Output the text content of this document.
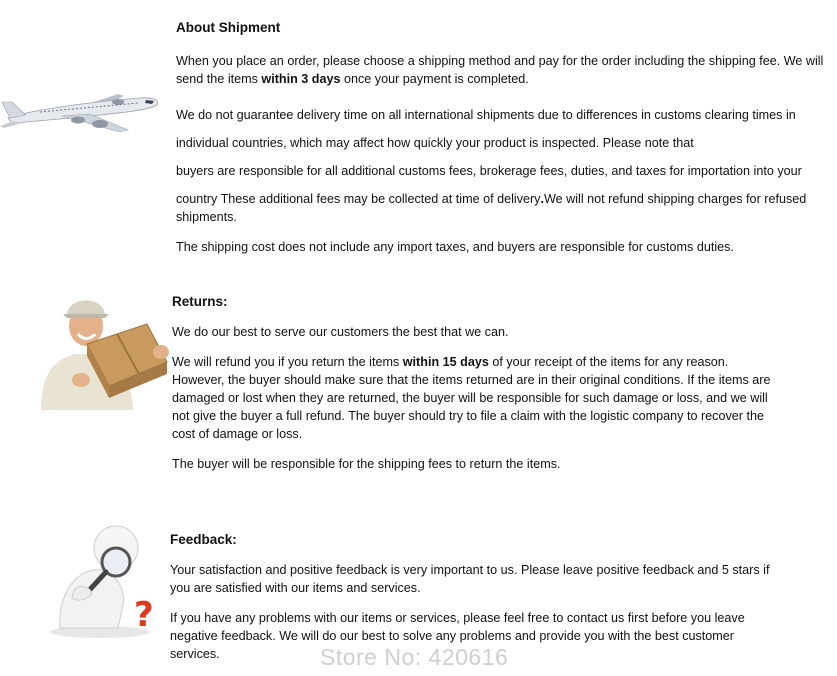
?

About Shipment

When you place an order, please choose a shipping method and pay for the order including the shipping fee. We will send the items within 3 days once your payment is completed.

We do not guarantee delivery time on all international shipments due to differences in customs clearing times in

individual countries, which may affect how quickly your product is inspected. Please note that

buyers are responsible for all additional customs fees, brokerage fees, duties, and taxes for importation into your

country These additional fees may be collected at time of delivery.We will not refund shipping charges for refused shipments.

The shipping cost does not include any import taxes, and buyers are responsible for customs duties.

Returns:

We do our best to serve our customers the best that we can.

We will refund you if you return the items within 15 days of your receipt of the items for any reason. However, the buyer should make sure that the items returned are in their original conditions. If the items are damaged or lost when they are returned, the buyer will be responsible for such damage or loss, and we will not give the buyer a full refund. The buyer should try to file a claim with the logistic company to recover the cost of damage or loss.

The buyer will be responsible for the shipping fees to return the items.

Feedback:

Your satisfaction and positive feedback is very important to us. Please leave positive feedback and 5 stars if you are satisfied with our items and services.

If you have any problems with our items or services, please feel free to contact us first before you leave negative feedback. We will do our best to solve any problems and provide you with the best customer services.	Store No: 420616
